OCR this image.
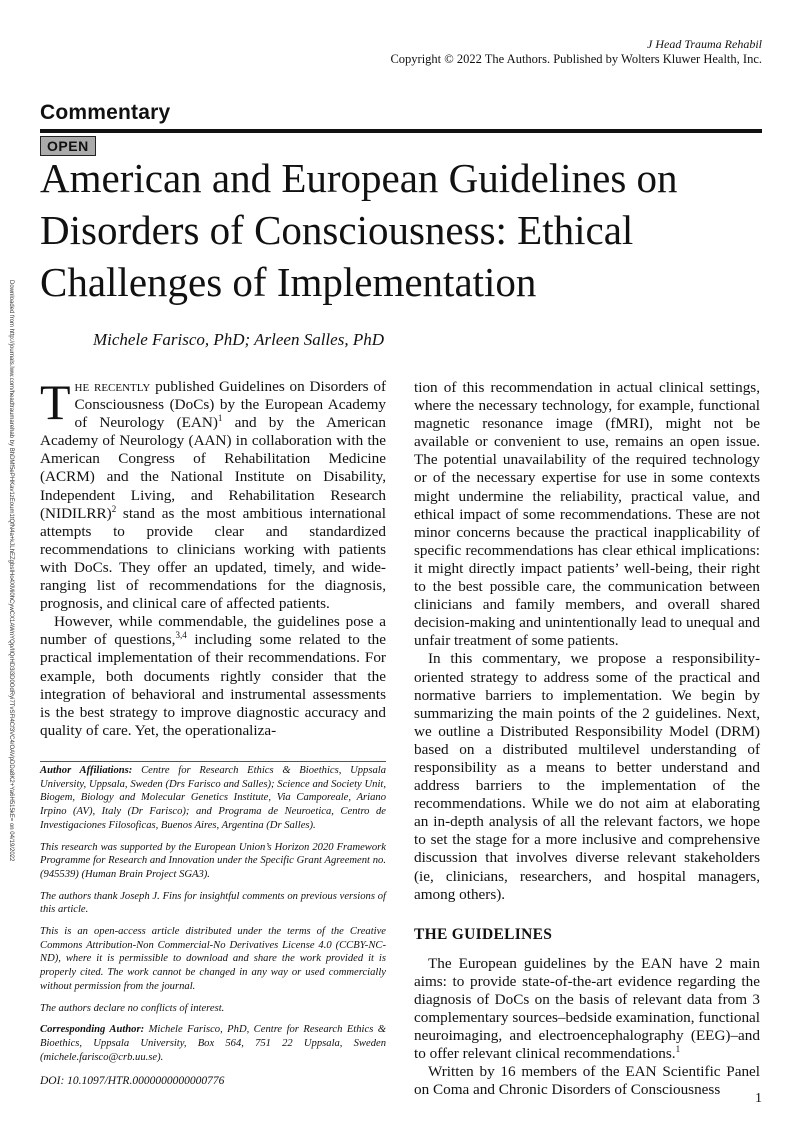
J Head Trauma Rehabil
Copyright © 2022 The Authors. Published by Wolters Kluwer Health, Inc.
Commentary
OPEN
American and European Guidelines on Disorders of Consciousness: Ethical Challenges of Implementation
Michele Farisco, PhD; Arleen Salles, PhD
Downloaded from http://journals.lww.com/headtraumarehab by BhDMf5ePHKav1zEoum1tQfN4a+kJLhEZgbsIHo4XMi0hCywCX1AWnYQp/IlQrHD3i3D0OdRyi7TvSFl4Cf3VC4/OAVpDDa8K2+Ya6H515kE= on 04/19/2022 The recently published Guidelines on Disorders of Consciousness (DoCs) by the European Academy of Neurology (EAN)$^1$ and by the American Academy of Neurology (AAN) in collaboration with the American Congress of Rehabilitation Medicine (ACRM) and the National Institute on Disability, Independent Living, and Rehabilitation Research (NIDILRR)$^2$ stand as the most ambitious international attempts to provide clear and standardized recommendations to clinicians working with patients with DoCs. They offer an updated, timely, and wide-ranging list of recommendations for the diagnosis, prognosis, and clinical care of affected patients.

However, while commendable, the guidelines pose a number of questions,$^{3,4}$ including some related to the practical implementation of their recommendations. For example, both documents rightly consider that the integration of behavioral and instrumental assessments is the best strategy to improve diagnostic accuracy and quality of care. Yet, the operationaliza-

tion of this recommendation in actual clinical settings, where the necessary technology, for example, functional magnetic resonance image (fMRI), might not be available or convenient to use, remains an open issue. The potential unavailability of the required technology or of the necessary expertise for use in some contexts might undermine the reliability, practical value, and ethical impact of some recommendations. These are not minor concerns because the practical inapplicability of specific recommendations has clear ethical implications: it might directly impact patients’ well-being, their right to the best possible care, the communication between clinicians and family members, and overall shared decision-making and unintentionally lead to unequal and unfair treatment of some patients.

In this commentary, we propose a responsibility-oriented strategy to address some of the practical and normative barriers to implementation. We begin by summarizing the main points of the 2 guidelines. Next, we outline a Distributed Responsibility Model (DRM) based on a distributed multilevel understanding of responsibility as a means to better understand and address barriers to the implementation of the recommendations. While we do not aim at elaborating an in-depth analysis of all the relevant factors, we hope to set the stage for a more inclusive and comprehensive discussion that involves diverse relevant stakeholders (ie, clinicians, researchers, and hospital managers, among others).

THE GUIDELINES

The European guidelines by the EAN have 2 main aims: to provide state-of-the-art evidence regarding the diagnosis of DoCs on the basis of relevant data from 3 complementary sources–bedside examination, functional neuroimaging, and electroencephalography (EEG)–and to offer relevant clinical recommendations.$^1$

Written by 16 members of the EAN Scientific Panel on Coma and Chronic Disorders of Consciousness

Author Affiliations: Centre for Research Ethics & Bioethics, Uppsala University, Uppsala, Sweden (Drs Farisco and Salles); Science and Society Unit, Biogem, Biology and Molecular Genetics Institute, Via Camporeale, Ariano Irpino (AV), Italy (Dr Farisco); and Programa de Neuroetica, Centro de Investigaciones Filosoficas, Buenos Aires, Argentina (Dr Salles).

This research was supported by the European Union’s Horizon 2020 Framework Programme for Research and Innovation under the Specific Grant Agreement no. (945539) (Human Brain Project SGA3).

The authors thank Joseph J. Fins for insightful comments on previous versions of this article.

This is an open-access article distributed under the terms of the Creative Commons Attribution-Non Commercial-No Derivatives License 4.0 (CCBY-NC-ND), where it is permissible to download and share the work provided it is properly cited. The work cannot be changed in any way or used commercially without permission from the journal.

The authors declare no conflicts of interest.

Corresponding Author: Michele Farisco, PhD, Centre for Research Ethics & Bioethics, Uppsala University, Box 564, 751 22 Uppsala, Sweden (michele.farisco@crb.uu.se).

DOI: 10.1097/HTR.0000000000000776
1
